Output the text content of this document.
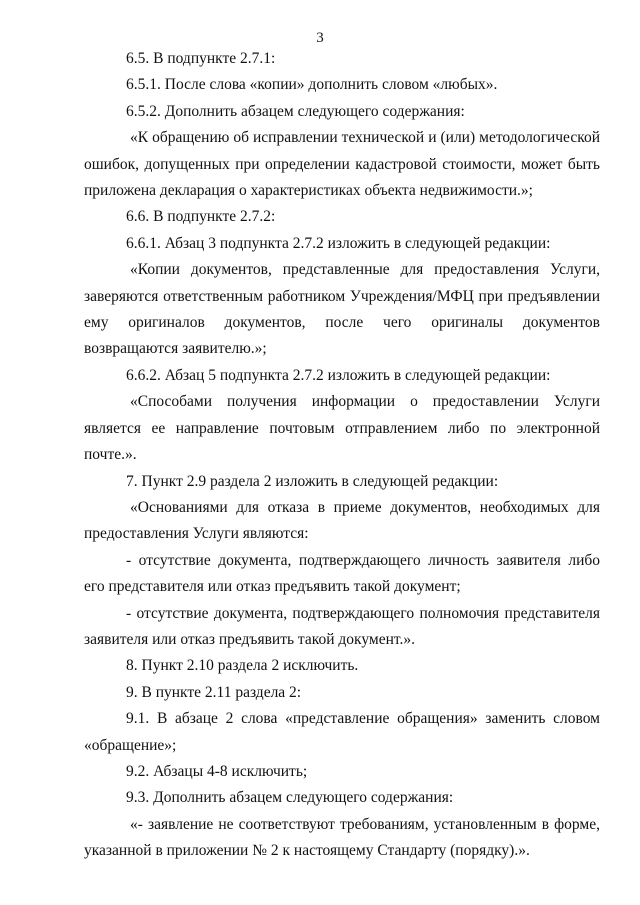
3

6.5. В подпункте 2.7.1:

6.5.1. После слова «копии» дополнить словом «любых».

6.5.2. Дополнить абзацем следующего содержания:

«К обращению об исправлении технической и (или) методологической ошибок, допущенных при определении кадастровой стоимости, может быть приложена декларация о характеристиках объекта недвижимости.»;

6.6. В подпункте 2.7.2:

6.6.1. Абзац 3 подпункта 2.7.2 изложить в следующей редакции:

«Копии документов, представленные для предоставления Услуги, заверяются ответственным работником Учреждения/МФЦ при предъявлении ему оригиналов документов, после чего оригиналы документов возвращаются заявителю.»;

6.6.2. Абзац 5 подпункта 2.7.2 изложить в следующей редакции:

«Способами получения информации о предоставлении Услуги является ее направление почтовым отправлением либо по электронной почте.».

7. Пункт 2.9 раздела 2 изложить в следующей редакции:

«Основаниями для отказа в приеме документов, необходимых для предоставления Услуги являются:

- отсутствие документа, подтверждающего личность заявителя либо его представителя или отказ предъявить такой документ;

- отсутствие документа, подтверждающего полномочия представителя заявителя или отказ предъявить такой документ.».

8. Пункт 2.10 раздела 2 исключить.

9. В пункте 2.11 раздела 2:

9.1. В абзаце 2 слова «представление обращения» заменить словом «обращение»;

9.2. Абзацы 4-8 исключить;

9.3. Дополнить абзацем следующего содержания:

«- заявление не соответствуют требованиям, установленным в форме, указанной в приложении № 2 к настоящему Стандарту (порядку).».
